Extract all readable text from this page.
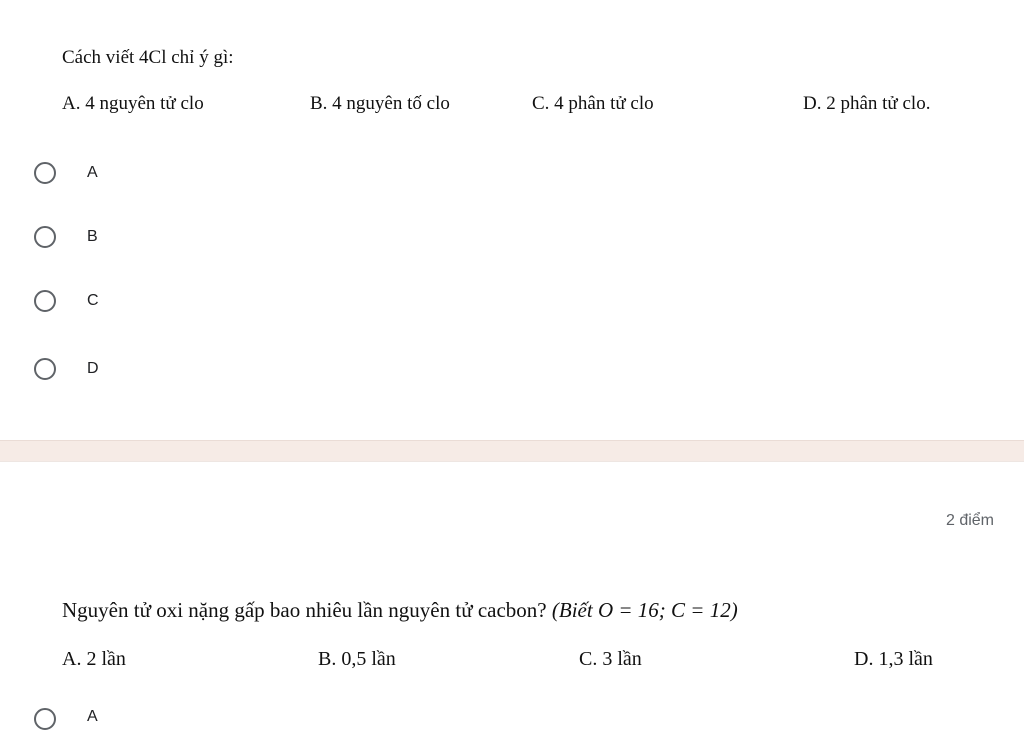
Cách viết 4Cl chỉ ý gì:
A. 4 nguyên tử clo	B. 4 nguyên tố clo	C. 4 phân tử clo	D. 2 phân tử clo.
A
B
C
D
2 điểm
Nguyên tử oxi nặng gấp bao nhiêu lần nguyên tử cacbon? (Biết O = 16; C = 12)
A. 2 lần	B. 0,5 lần	C. 3 lần	D. 1,3 lần
A
